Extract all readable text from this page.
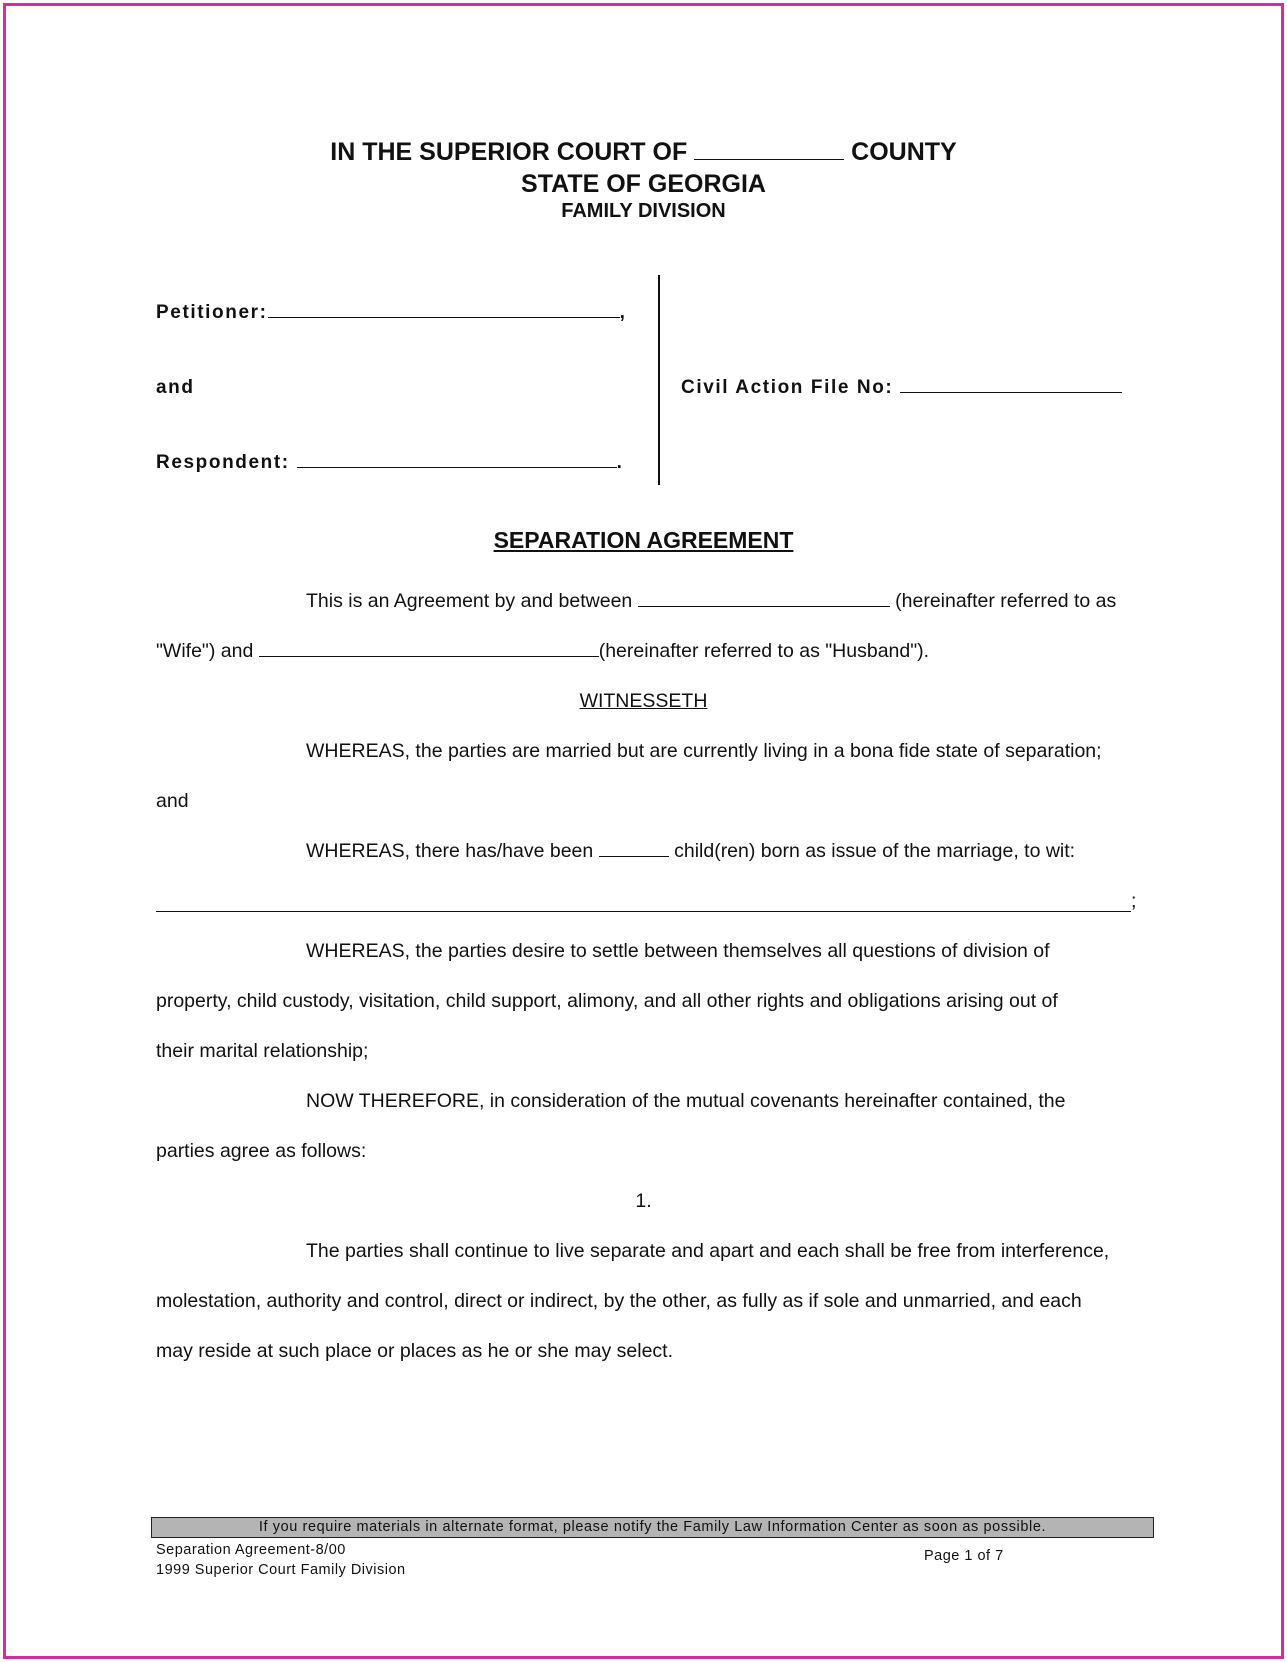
IN THE SUPERIOR COURT OF	COUNTY
STATE OF GEORGIA
FAMILY DIVISION
Petitioner:	,
and
Respondent:	.
Civil Action File No:
SEPARATION AGREEMENT
This is an Agreement by and between	(hereinafter referred to as
"Wife") and	(hereinafter referred to as "Husband").
WITNESSETH
WHEREAS, the parties are married but are currently living in a bona fide state of separation;
and
WHEREAS, there has/have been	child(ren) born as issue of the marriage, to wit:
;
WHEREAS, the parties desire to settle between themselves all questions of division of
property, child custody, visitation, child support, alimony, and all other rights and obligations arising out of
their marital relationship;
NOW THEREFORE, in consideration of the mutual covenants hereinafter contained, the
parties agree as follows:
1.
The parties shall continue to live separate and apart and each shall be free from interference,
molestation, authority and control, direct or indirect, by the other, as fully as if sole and unmarried, and each
may reside at such place or places as he or she may select.
If you require materials in alternate format, please notify the Family Law Information Center as soon as possible.
Separation Agreement-8/00
1999 Superior Court Family Division
Page 1 of 7
